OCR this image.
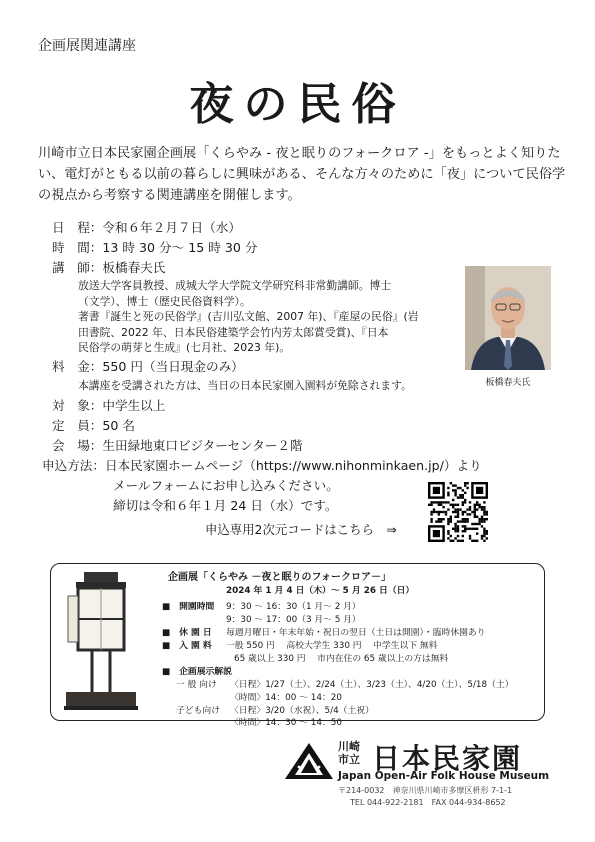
企画展関連講座
夜の民俗
川崎市立日本民家園企画展「くらやみ - 夜と眠りのフォークロア -」をもっとよく知りたい、電灯がともる以前の暮らしに興味がある、そんな方々のために「夜」について民俗学の視点から考察する関連講座を開催します。
日　程：令和６年２月７日（水）
時　間：13 時 30 分～ 15 時 30 分
講　師：板橋春夫氏
放送大学客員教授、成城大学大学院文学研究科非常勤講師。博士
（文学）、博士（歴史民俗資料学）。
著書『誕生と死の民俗学』(吉川弘文館、2007 年)、『産屋の民俗』(岩
田書院、2022 年、日本民俗建築学会竹内芳太郎賞受賞)、『日本
民俗学の萌芽と生成』(七月社、2023 年)。
板橋春夫氏
料　金：550 円（当日現金のみ）
本講座を受講された方は、当日の日本民家園入園料が免除されます。
対　象：中学生以上
定　員：50 名
会　場：生田緑地東口ビジターセンター２階
申込方法：日本民家園ホームページ（https://www.nihonminkaen.jp/）より
メールフォームにお申し込みください。
締切は令和６年１月 24 日（水）です。
申込専用2次元コードはこちら　⇒
企画展「くらやみ －夜と眠りのフォークロア－」
2024 年 1 月 4 日（木）～ 5 月 26 日（日）
■　開園時間 9：30 ～ 16：30（1 月～ 2 月）
9：30 ～ 17：00（3 月～ 5 月）
■　休 園 日 毎週月曜日・年末年始・祝日の翌日（土日は開園）・臨時休園あり
■　入 園 料 一般 550 円　 高校大学生 330 円　 中学生以下 無料
65 歳以上 330 円　 市内在住の 65 歳以上の方は無料
■　企画展示解説
一 般 向け 〈日程〉1/27（土）、2/24（土）、3/23（土）、4/20（土）、5/18（土）
〈時間〉14：00 ～ 14：20
子ども向け 〈日程〉3/20（水祝）、5/4（土祝）
〈時間〉14：30 ～ 14：50
川崎
市立 日本民家園
Japan Open-Air Folk House Museum
〒214-0032　神奈川県川崎市多摩区枡形 7-1-1
TEL 044-922-2181　FAX 044-934-8652
